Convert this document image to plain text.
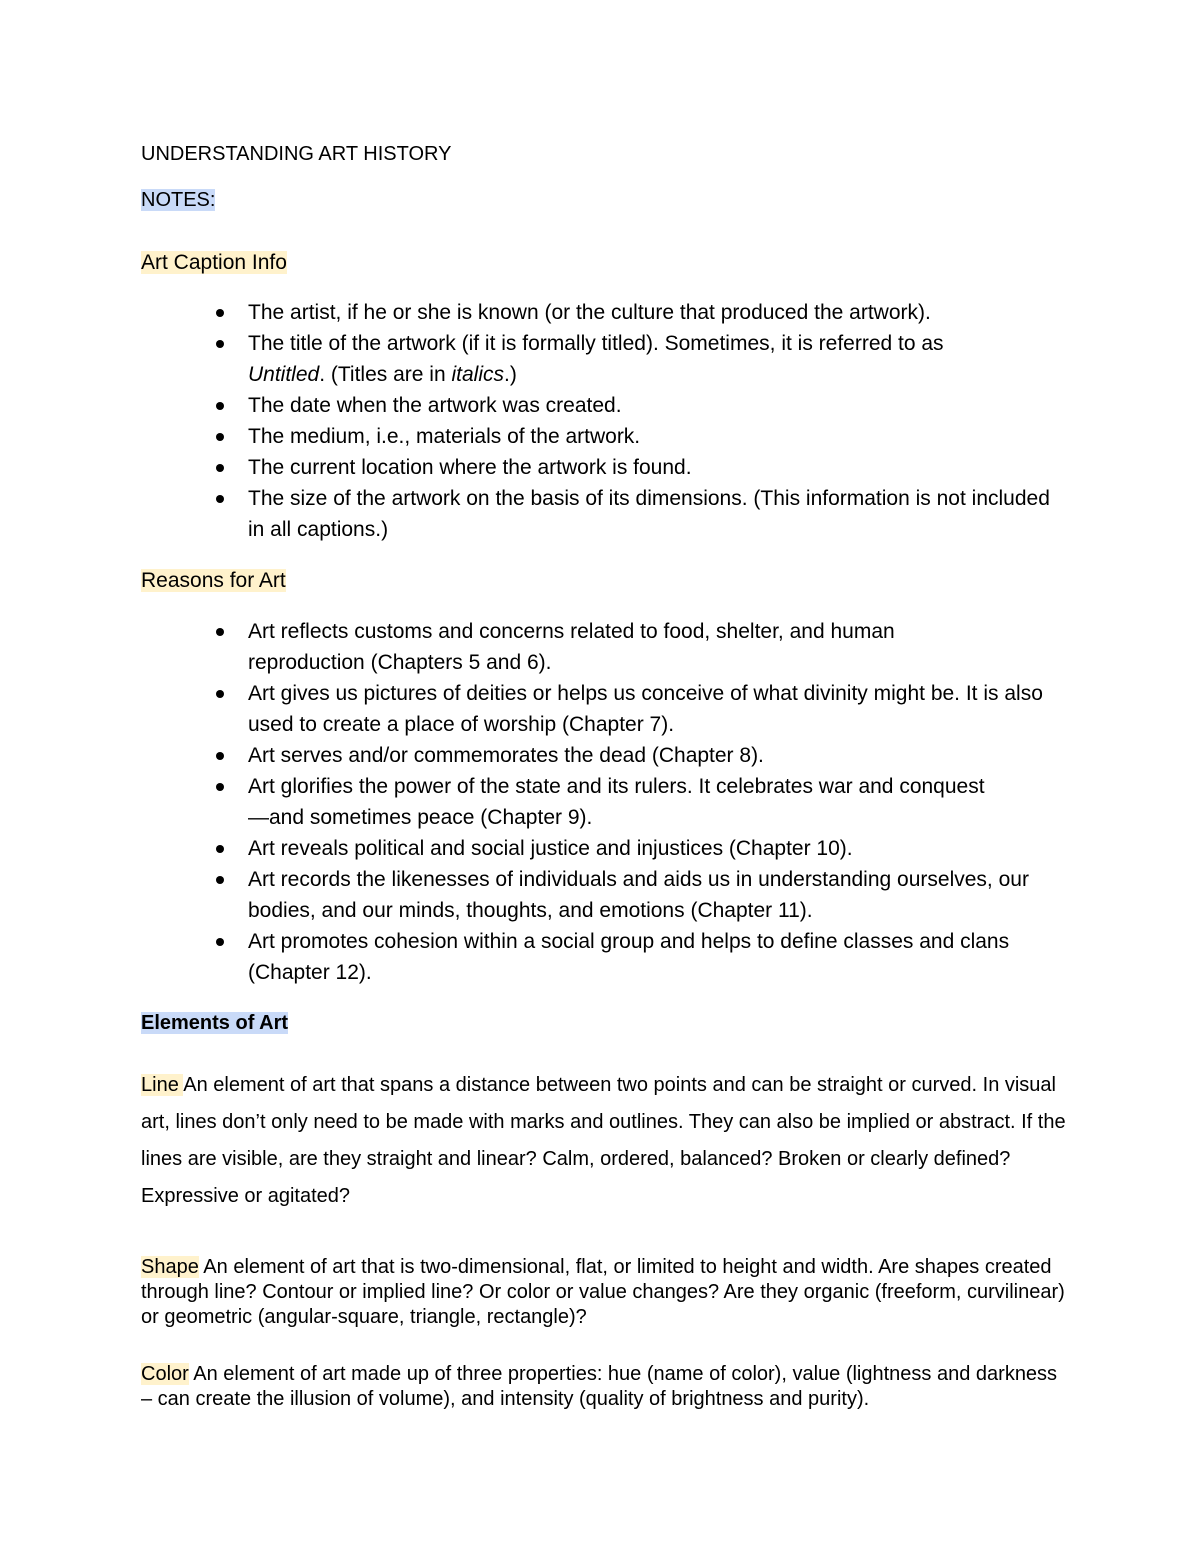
UNDERSTANDING ART HISTORY
NOTES:
Art Caption Info
The artist, if he or she is known (or the culture that produced the artwork).
The title of the artwork (if it is formally titled). Sometimes, it is referred to as
Untitled. (Titles are in italics.)
The date when the artwork was created.
The medium, i.e., materials of the artwork.
The current location where the artwork is found.
The size of the artwork on the basis of its dimensions. (This information is not included in all captions.)
Reasons for Art
Art reflects customs and concerns related to food, shelter, and human reproduction (Chapters 5 and 6).
Art gives us pictures of deities or helps us conceive of what divinity might be. It is also used to create a place of worship (Chapter 7).
Art serves and/or commemorates the dead (Chapter 8).
Art glorifies the power of the state and its rulers. It celebrates war and conquest—and sometimes peace (Chapter 9).
Art reveals political and social justice and injustices (Chapter 10).
Art records the likenesses of individuals and aids us in understanding ourselves, our bodies, and our minds, thoughts, and emotions (Chapter 11).
Art promotes cohesion within a social group and helps to define classes and clans (Chapter 12).
Elements of Art
Line An element of art that spans a distance between two points and can be straight or curved. In visual art, lines don’t only need to be made with marks and outlines. They can also be implied or abstract. If the lines are visible, are they straight and linear? Calm, ordered, balanced? Broken or clearly defined? Expressive or agitated?
Shape An element of art that is two-dimensional, flat, or limited to height and width. Are shapes created through line? Contour or implied line? Or color or value changes? Are they organic (freeform, curvilinear) or geometric (angular-square, triangle, rectangle)?
Color An element of art made up of three properties: hue (name of color), value (lightness and darkness – can create the illusion of volume), and intensity (quality of brightness and purity).
